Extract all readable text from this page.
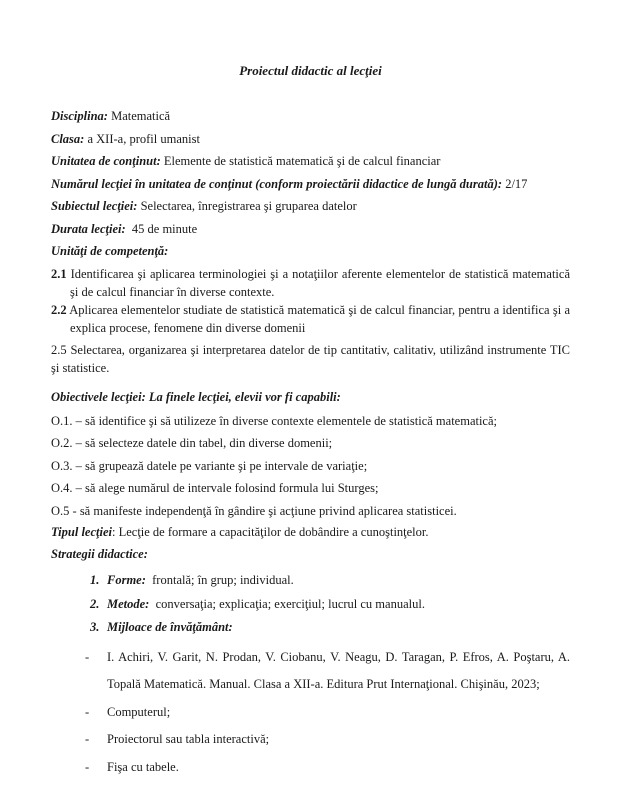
Proiectul didactic al lecţiei

Disciplina: Matematică

Clasa: a XII-a, profil umanist

Unitatea de conţinut: Elemente de statistică matematică şi de calcul financiar

Numărul lecţiei în unitatea de conţinut (conform proiectării didactice de lungă durată): 2/17

Subiectul lecţiei: Selectarea, înregistrarea şi gruparea datelor

Durata lecţiei: 45 de minute

Unităţi de competenţă:

2.1 Identificarea şi aplicarea terminologiei şi a notaţiilor aferente elementelor de statistică matematică şi de calcul financiar în diverse contexte.

2.2 Aplicarea elementelor studiate de statistică matematică şi de calcul financiar, pentru a identifica şi a explica procese, fenomene din diverse domenii

2.5 Selectarea, organizarea şi interpretarea datelor de tip cantitativ, calitativ, utilizând instrumente TIC şi statistice.

Obiectivele lecţiei: La finele lecţiei, elevii vor fi capabili:

O.1. – să identifice şi să utilizeze în diverse contexte elementele de statistică matematică;

O.2. – să selecteze datele din tabel, din diverse domenii;

O.3. – să grupează datele pe variante şi pe intervale de variaţie;

O.4. – să alege numărul de intervale folosind formula lui Sturges;

O.5 - să manifeste independenţă în gândire şi acţiune privind aplicarea statisticei.

Tipul lecţiei: Lecţie de formare a capacităţilor de dobândire a cunoştinţelor.

Strategii didactice:

1. Forme: frontală; în grup; individual.

2. Metode: conversaţia; explicaţia; exerciţiul; lucrul cu manualul.

3. Mijloace de învăţământ:

- I. Achiri, V. Garit, N. Prodan, V. Ciobanu, V. Neagu, D. Taragan, P. Efros, A. Poştaru, A. Topală Matematică. Manual. Clasa a XII-a. Editura Prut Internaţional. Chişinău, 2023;

- Computerul;

- Proiectorul sau tabla interactivă;

- Fişa cu tabele.
